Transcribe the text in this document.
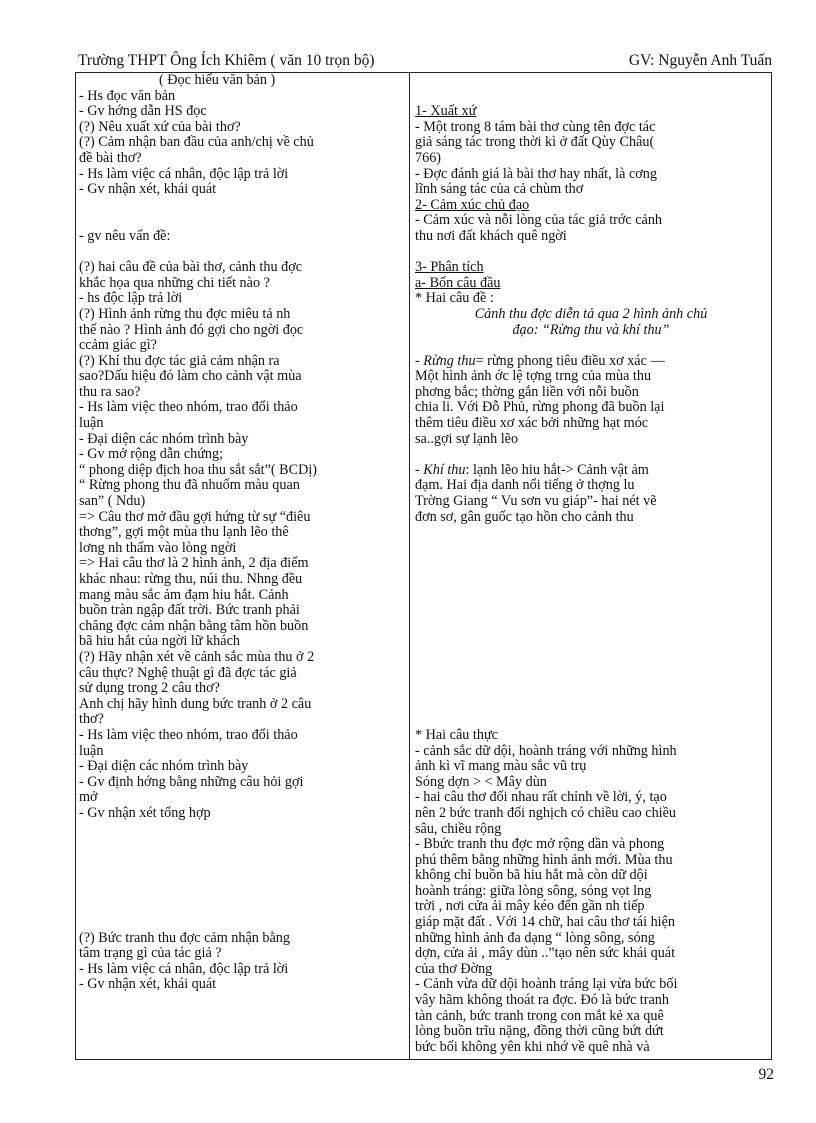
Trường THPT Ông Ích Khiêm ( văn 10 trọn bộ)	GV: Nguyễn Anh Tuấn
( Đọc hiểu văn bản )
- Hs đọc văn bản
- Gv hớng dẫn HS đọc
(?) Nêu xuất xứ của bài thơ?
(?) Cảm nhận ban đầu của anh/chị về chủ
đề bài thơ?
- Hs làm việc cá nhân, độc lập trả lời
- Gv nhận xét, khái quát
- gv nêu vấn đề:
(?) hai câu đề của bài thơ, cảnh thu đợc
khắc họa qua những chi tiết nào ?
- hs độc lập trả lời
(?) Hình ảnh rừng thu đợc miêu tả nh
thế nào ? Hình ảnh đó gợi cho ngời đọc
ccảm giác gì?
(?) Khí thu đợc tác giả cảm nhận ra
sao?Dấu hiệu đó làm cho cảnh vật mùa
thu ra sao?
- Hs làm việc theo nhóm, trao đổi thảo
luận
- Đại diện các nhóm trình bày
- Gv mở rộng dẫn chứng;
“ phong diệp địch hoa thu sắt sắt”( BCDị)
“ Rừng phong thu đã nhuốm màu quan
san” ( Ndu)
=> Câu thơ mở đầu gợi hứng từ sự “điêu
thơng”, gợi một mùa thu lạnh lẽo thê
lơng nh thấm vào lòng ngời
=> Hai câu thơ là 2 hình ảnh, 2 địa điểm
khác nhau: rừng thu, núi thu. Nhng đều
mang màu sắc ảm đạm hiu hắt. Cảnh
buồn tràn ngập đất trời. Bức tranh phải
chăng đợc cảm nhận bằng tâm hồn buồn
bã hiu hắt của ngời lữ khách
(?) Hãy nhận xét về cảnh sắc mùa thu ở 2
câu thực? Nghệ thuật gì đã đợc tác giả
sử dụng trong 2 câu thơ?
Anh chị hãy hình dung bức tranh ở 2 câu
thơ?
- Hs làm việc theo nhóm, trao đổi thảo
luận
- Đại diện các nhóm trình bày
- Gv định hớng bằng những câu hỏi gợi
mở
- Gv nhận xét tổng hợp
(?) Bức tranh thu đợc cảm nhận bằng
tâm trạng gì của tác giả ?
- Hs làm việc cá nhân, độc lập trả lời
- Gv nhận xét, khái quát
1- Xuất xứ
- Một trong 8 tám bài thơ cùng tên đợc tác
giả sáng tác trong thời kì ở đất Qùy Châu(
766)
- Đợc đánh giá là bài thơ hay nhất, là cơng
lĩnh sáng tác của cả chùm thơ
2- Cảm xúc chủ đạo
- Cảm xúc và nỗi lòng của tác giả trớc cảnh
thu nơi đất khách quê ngời
3- Phân tích
a- Bốn câu đầu
* Hai câu đề :
Cảnh thu đợc diễn tả qua 2 hình ảnh chủ
đạo: “Rừng thu và khí thu”
- Rừng thu= rừng phong tiêu điều xơ xác —
Một hình ảnh ớc lệ tợng trng của mùa thu
phơng bắc; thờng gắn liền với nỗi buồn
chia li. Với Đỗ Phủ, rừng phong đã buồn lại
thêm tiêu điều xơ xác bởi những hạt móc
sa..gợi sự lạnh lẽo
- Khí thu: lạnh lẽo hiu hắt-> Cảnh vật ảm
đạm. Hai địa danh nổi tiếng ở thợng lu
Trờng Giang “ Vu sơn vu giáp”- hai nét vẽ
đơn sơ, gân guốc tạo hồn cho cảnh thu
* Hai câu thực
- cảnh sắc dữ dội, hoành tráng với những hình
ảnh kì vĩ mang màu sắc vũ trụ
Sóng dợn > < Mây dùn
- hai câu thơ đối nhau rất chỉnh về lời, ý, tạo
nên 2 bức tranh đối nghịch có chiều cao chiều
sâu, chiều rộng
- Bbức tranh thu đợc mở rộng dần và phong
phú thêm bằng những hình ảnh mới. Mùa thu
không chỉ buồn bã hiu hắt mà còn dữ dội
hoành tráng: giữa lòng sông, sóng vọt lng
trời , nơi cửa ải mây kéo đến gần nh tiếp
giáp mặt đất . Với 14 chữ, hai câu thơ tái hiện
những hình ảnh đa dạng “ lòng sông, sóng
dợn, cửa ải , mây dùn ..”tạo nên sức khái quát
của thơ Đờng
- Cảnh vừa dữ dội hoành tráng lại vừa bức bối
vây hãm không thoát ra đợc. Đó là bức tranh
tàn cảnh, bức tranh trong con mắt kẻ xa quê
lòng buồn trĩu nặng, đồng thời cũng bứt dứt
bức bối không yên khi nhớ về quê nhà và
92
